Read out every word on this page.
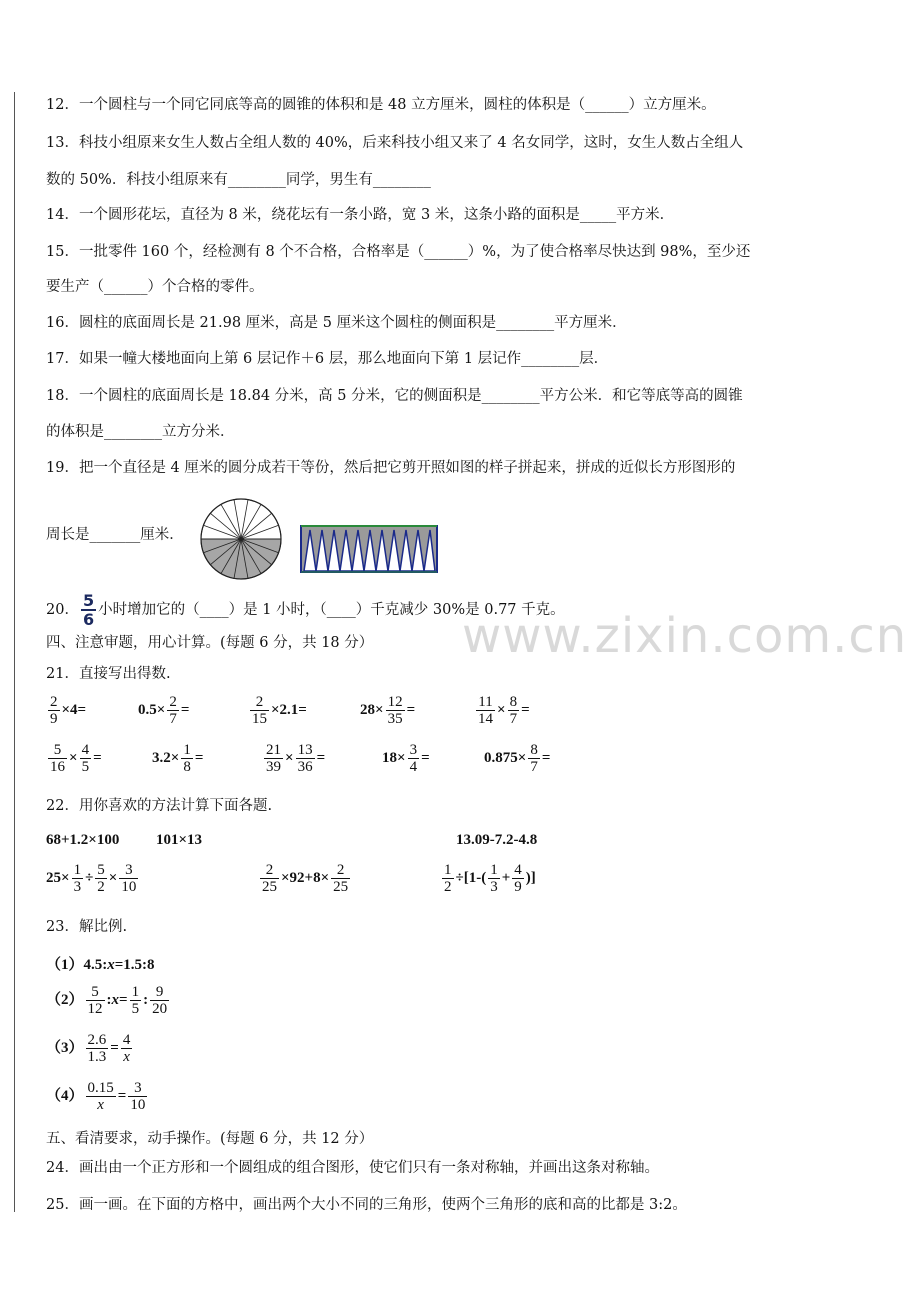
www.zixin.com.cn
12．一个圆柱与一个同它同底等高的圆锥的体积和是 48 立方厘米，圆柱的体积是（______）立方厘米。
13．科技小组原来女生人数占全组人数的 40%，后来科技小组又来了 4 名女同学，这时，女生人数占全组人
数的 50%．科技小组原来有________同学，男生有________
14．一个圆形花坛，直径为 8 米，绕花坛有一条小路，宽 3 米，这条小路的面积是_____平方米．
15．一批零件 160 个，经检测有 8 个不合格，合格率是（______）%，为了使合格率尽快达到 98%，至少还
要生产（______）个合格的零件。
16．圆柱的底面周长是 21.98 厘米，高是 5 厘米这个圆柱的侧面积是________平方厘米．
17．如果一幢大楼地面向上第 6 层记作＋6 层，那么地面向下第 1 层记作________层．
18．一个圆柱的底面周长是 18.84 分米，高 5 分米，它的侧面积是________平方公米．和它等底等高的圆锥
的体积是________立方分米．
19．把一个直径是 4 厘米的圆分成若干等份，然后把它剪开照如图的样子拼起来，拼成的近似长方形图形的
周长是_______厘米．
20． $\frac{5}{6}$ 小时增加它的（____）是 1 小时，（____）千克减少 30%是 0.77 千克。
四、注意审题，用心计算。(每题 6 分，共 18 分）
21．直接写出得数.
$\frac{2}{9} \times 4=$	$0.5\times \frac{2}{7}$ =	$\frac{2}{15} \times 2.1=$	$28\times \frac{12}{35}$ =	$\frac{11}{14} \times \frac{8}{7}$ =
$\frac{5}{16} \times \frac{4}{5}$ =	$3.2\times \frac{1}{8}$ =	$\frac{21}{39} \times \frac{13}{36}$ =	$18\times \frac{3}{4}$ =	$0.875\times \frac{8}{7}$ =
22．用你喜欢的方法计算下面各题.
68+1.2×100 101×13	13.09-7.2-4.8
$25\times \frac{1}{3} \div \frac{5}{2} \times \frac{3}{10}$	$\frac{2}{25} \times 92+8\times \frac{2}{25}$	$\frac{1}{2} \div[1-( \frac{1}{3} + \frac{4}{9}$ )]
23．解比例.
（1）4.5:x=1.5:8
$(2) \frac{5}{12}$ :x= $\frac{1}{5}$ : $\frac{9}{20}$
$(3) \frac{2.6}{1.3} = \frac{4}{x}$
$(4) \frac{0.15}{x} = \frac{3}{10}$
五、看清要求，动手操作。(每题 6 分，共 12 分）
24．画出由一个正方形和一个圆组成的组合图形，使它们只有一条对称轴，并画出这条对称轴。
25．画一画。在下面的方格中，画出两个大小不同的三角形，使两个三角形的底和高的比都是 3:2。
